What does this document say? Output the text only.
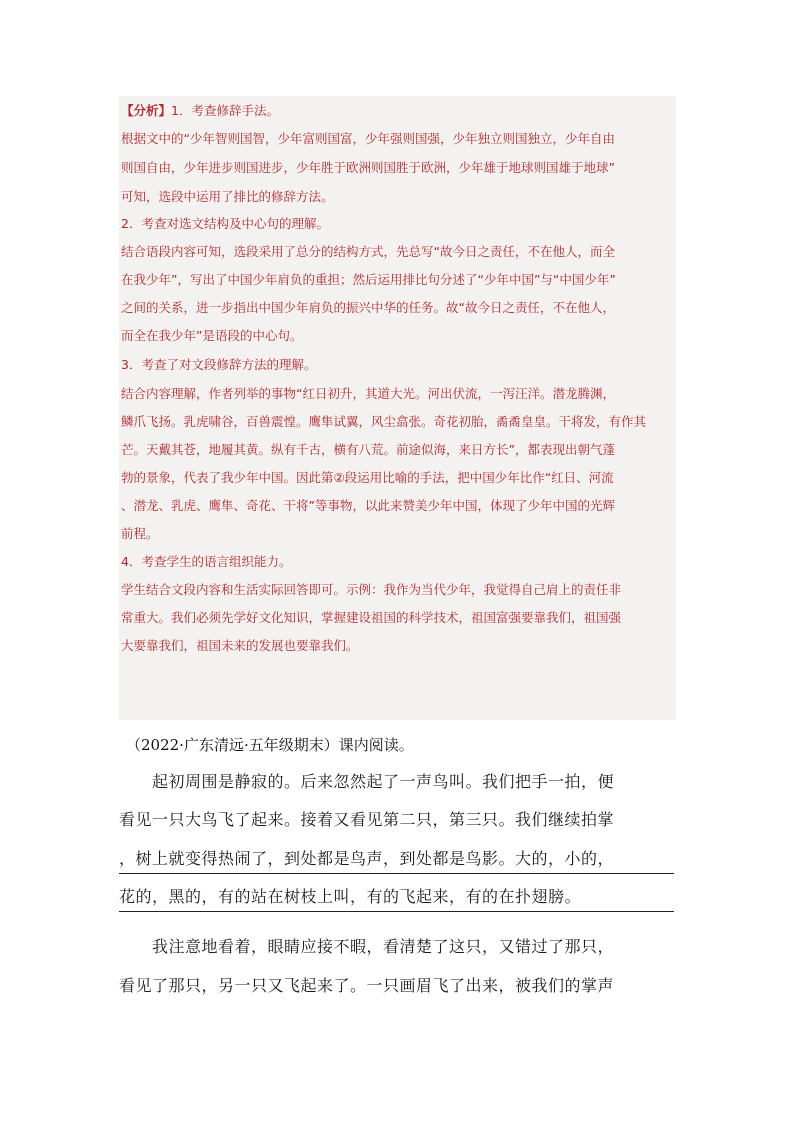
【分析】1．考查修辞手法。
根据文中的“少年智则国智，少年富则国富，少年强则国强，少年独立则国独立，少年自由
则国自由，少年进步则国进步，少年胜于欧洲则国胜于欧洲，少年雄于地球则国雄于地球”
可知，选段中运用了排比的修辞方法。
2．考查对选文结构及中心句的理解。
结合语段内容可知，选段采用了总分的结构方式，先总写“故今日之责任，不在他人，而全
在我少年”，写出了中国少年肩负的重担；然后运用排比句分述了“少年中国”与“中国少年”
之间的关系，进一步指出中国少年肩负的振兴中华的任务。故“故今日之责任，不在他人，
而全在我少年”是语段的中心句。
3．考查了对文段修辞方法的理解。
结合内容理解，作者列举的事物“红日初升，其道大光。河出伏流，一泻汪洋。潜龙腾渊，
鳞爪飞扬。乳虎啸谷，百兽震惶。鹰隼试翼，风尘翕张。奇花初胎，矞矞皇皇。干将发，有作其
芒。天戴其苍，地履其黄。纵有千古，横有八荒。前途似海，来日方长”，都表现出朝气蓬
勃的景象，代表了我少年中国。因此第②段运用比喻的手法，把中国少年比作“红日、河流
、潜龙、乳虎、鹰隼、奇花、干将”等事物，以此来赞美少年中国，体现了少年中国的光辉
前程。
4．考查学生的语言组织能力。
学生结合文段内容和生活实际回答即可。示例：我作为当代少年，我觉得自己肩上的责任非
常重大。我们必须先学好文化知识，掌握建设祖国的科学技术，祖国富强要靠我们，祖国强
大要靠我们，祖国未来的发展也要靠我们。
（2022·广东清远·五年级期末）课内阅读。
　　起初周围是静寂的。后来忽然起了一声鸟叫。我们把手一拍，便
看见一只大鸟飞了起来。接着又看见第二只，第三只。我们继续拍掌
，树上就变得热闹了，到处都是鸟声，到处都是鸟影。大的，小的，
花的，黑的，有的站在树枝上叫，有的飞起来，有的在扑翅膀。
　　我注意地看着，眼睛应接不暇，看清楚了这只，又错过了那只，
看见了那只，另一只又飞起来了。一只画眉飞了出来，被我们的掌声
